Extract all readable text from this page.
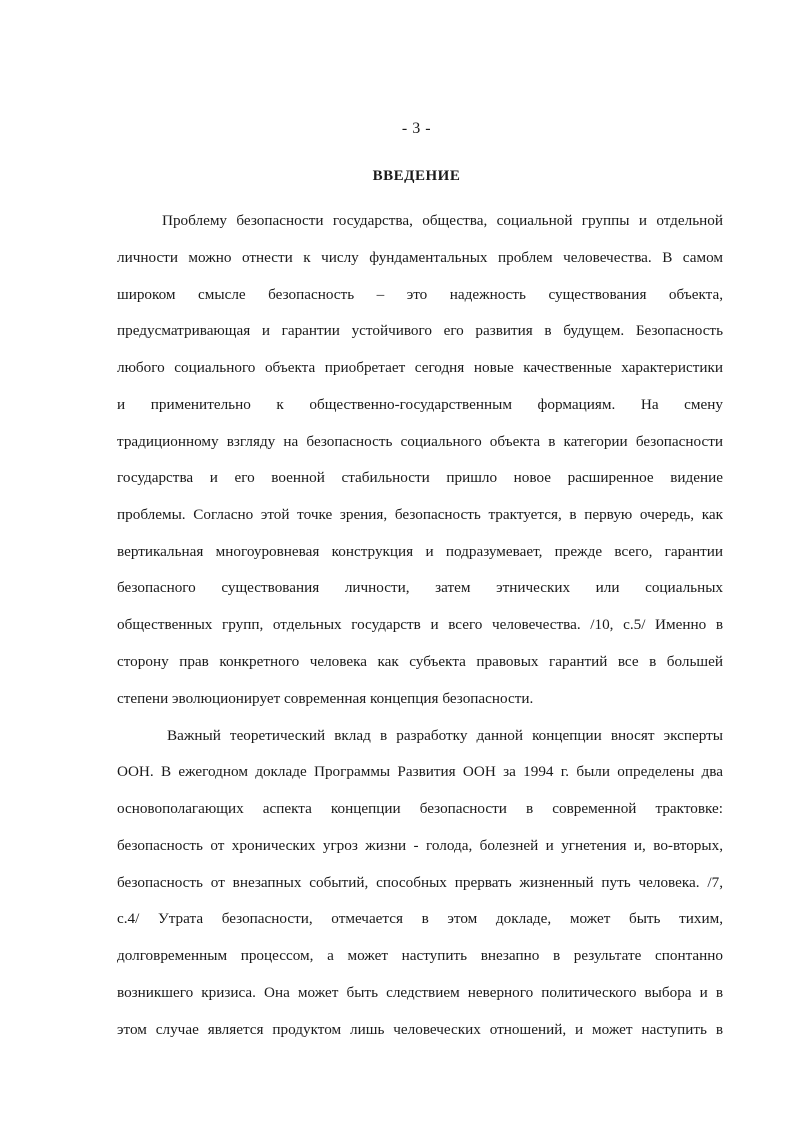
- 3 -
ВВЕДЕНИЕ
Проблему безопасности государства, общества, социальной группы и отдельной
личности можно отнести к числу фундаментальных проблем человечества. В самом
широком смысле безопасность – это надежность существования объекта,
предусматривающая и гарантии устойчивого его развития в будущем. Безопасность
любого социального объекта приобретает сегодня новые качественные характеристики
и применительно к общественно-государственным формациям. На смену
традиционному взгляду на безопасность социального объекта в категории безопасности
государства и его военной стабильности пришло новое расширенное видение
проблемы. Согласно этой точке зрения, безопасность трактуется, в первую очередь, как
вертикальная многоуровневая конструкция и подразумевает, прежде всего, гарантии
безопасного существования личности, затем этнических или социальных
общественных групп, отдельных государств и всего человечества. /10, с.5/ Именно в
сторону прав конкретного человека как субъекта правовых гарантий все в большей
степени эволюционирует современная концепция безопасности.
Важный теоретический вклад в разработку данной концепции вносят эксперты
ООН. В ежегодном докладе Программы Развития ООН за 1994 г. были определены два
основополагающих аспекта концепции безопасности в современной трактовке:
безопасность от хронических угроз жизни - голода, болезней и угнетения и, во-вторых,
безопасность от внезапных событий, способных прервать жизненный путь человека. /7,
с.4/ Утрата безопасности, отмечается в этом докладе, может быть тихим,
долговременным процессом, а может наступить внезапно в результате спонтанно
возникшего кризиса. Она может быть следствием неверного политического выбора и в
этом случае является продуктом лишь человеческих отношений, и может наступить в
